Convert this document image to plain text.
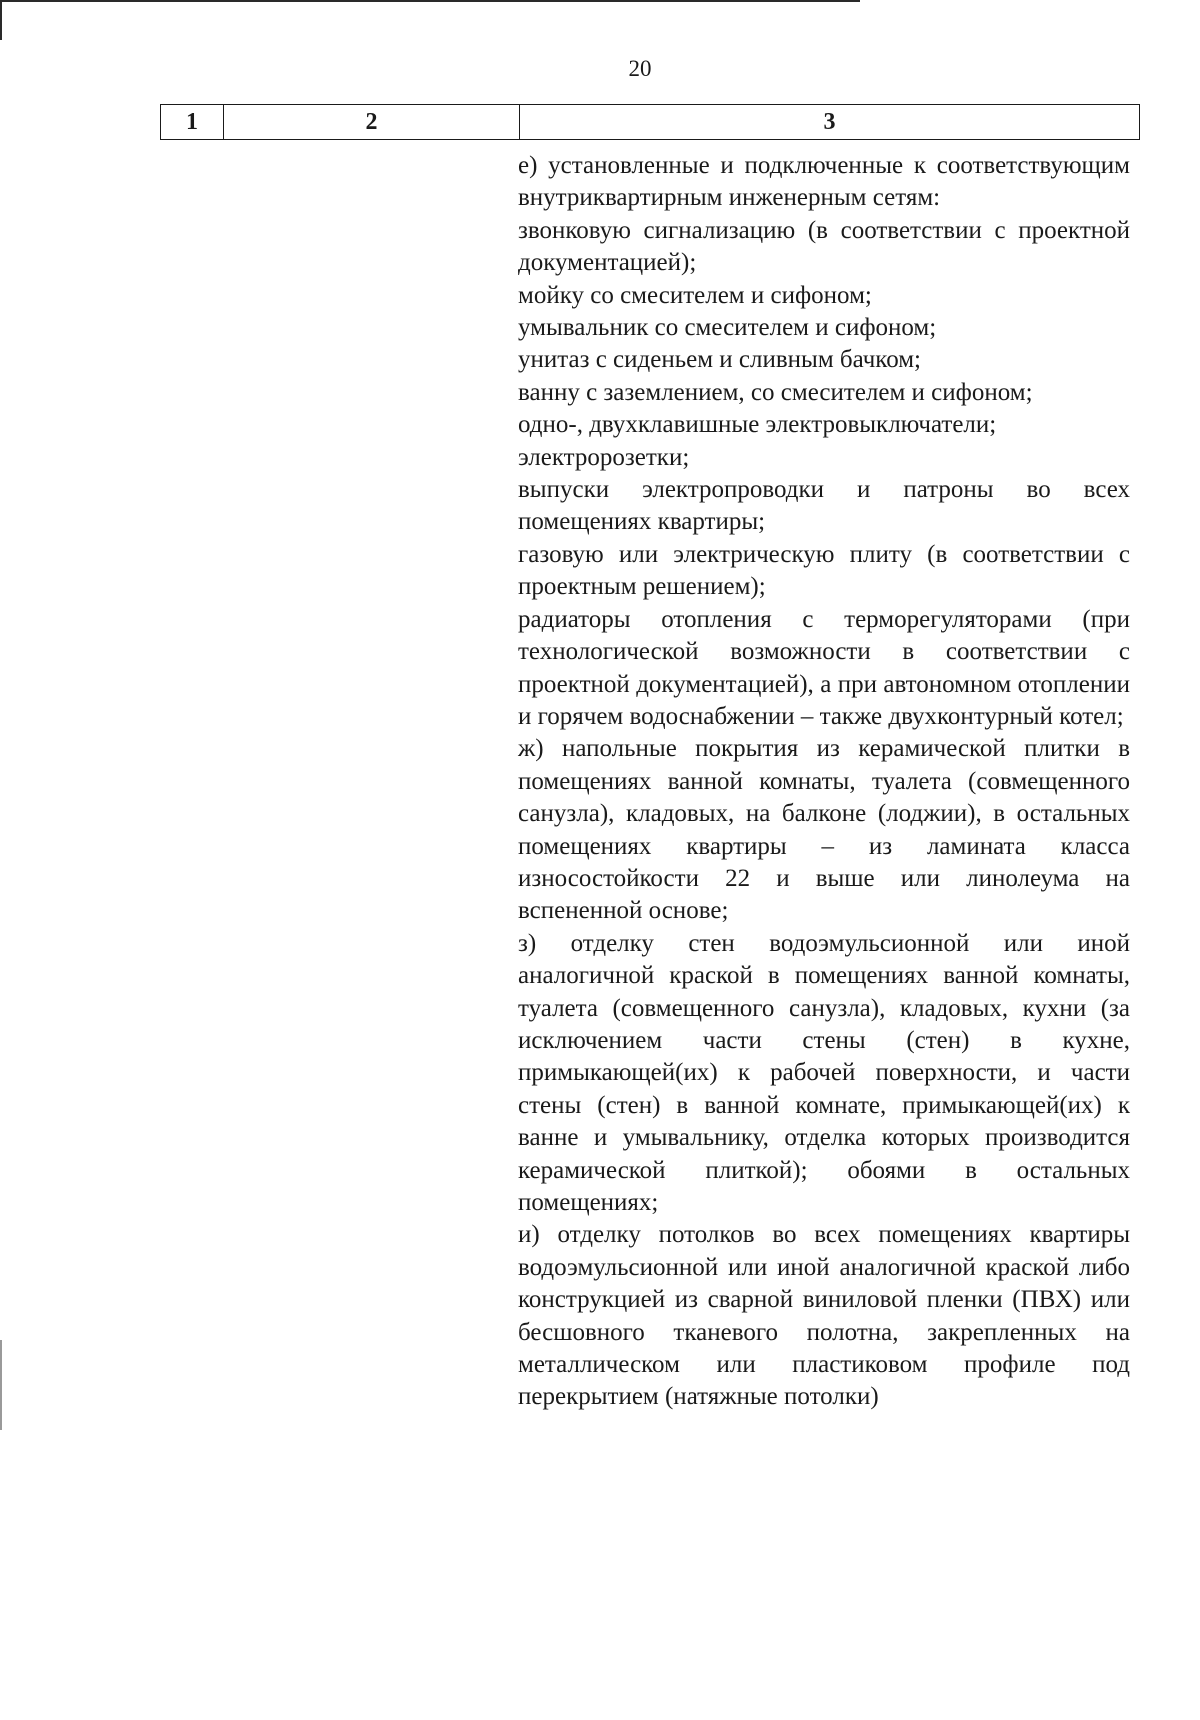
20
1	2	3

е) установленные и подключенные к соответствующим внутриквартирным инженерным сетям:

звонковую сигнализацию (в соответствии с проектной документацией);

мойку со смесителем и сифоном;

умывальник со смесителем и сифоном;

унитаз с сиденьем и сливным бачком;

ванну с заземлением, со смесителем и сифоном;

одно-, двухклавишные электровыключатели;

электророзетки;

выпуски электропроводки и патроны во всех помещениях квартиры;

газовую или электрическую плиту (в соответствии с проектным решением);

радиаторы отопления с терморегуляторами (при технологической возможности в соответствии с проектной документацией), а при автономном отоплении и горячем водоснабжении – также двухконтурный котел;

ж) напольные покрытия из керамической плитки в помещениях ванной комнаты, туалета (совмещенного санузла), кладовых, на балконе (лоджии), в остальных помещениях квартиры – из ламината класса износостойкости 22 и выше или линолеума на вспененной основе;

з) отделку стен водоэмульсионной или иной аналогичной краской в помещениях ванной комнаты, туалета (совмещенного санузла), кладовых, кухни (за исключением части стены (стен) в кухне, примыкающей(их) к рабочей поверхности, и части стены (стен) в ванной комнате, примыкающей(их) к ванне и умывальнику, отделка которых производится керамической плиткой); обоями в остальных помещениях;

и) отделку потолков во всех помещениях квартиры водоэмульсионной или иной аналогичной краской либо конструкцией из сварной виниловой пленки (ПВХ) или бесшовного тканевого полотна, закрепленных на металлическом или пластиковом профиле под перекрытием (натяжные потолки)
